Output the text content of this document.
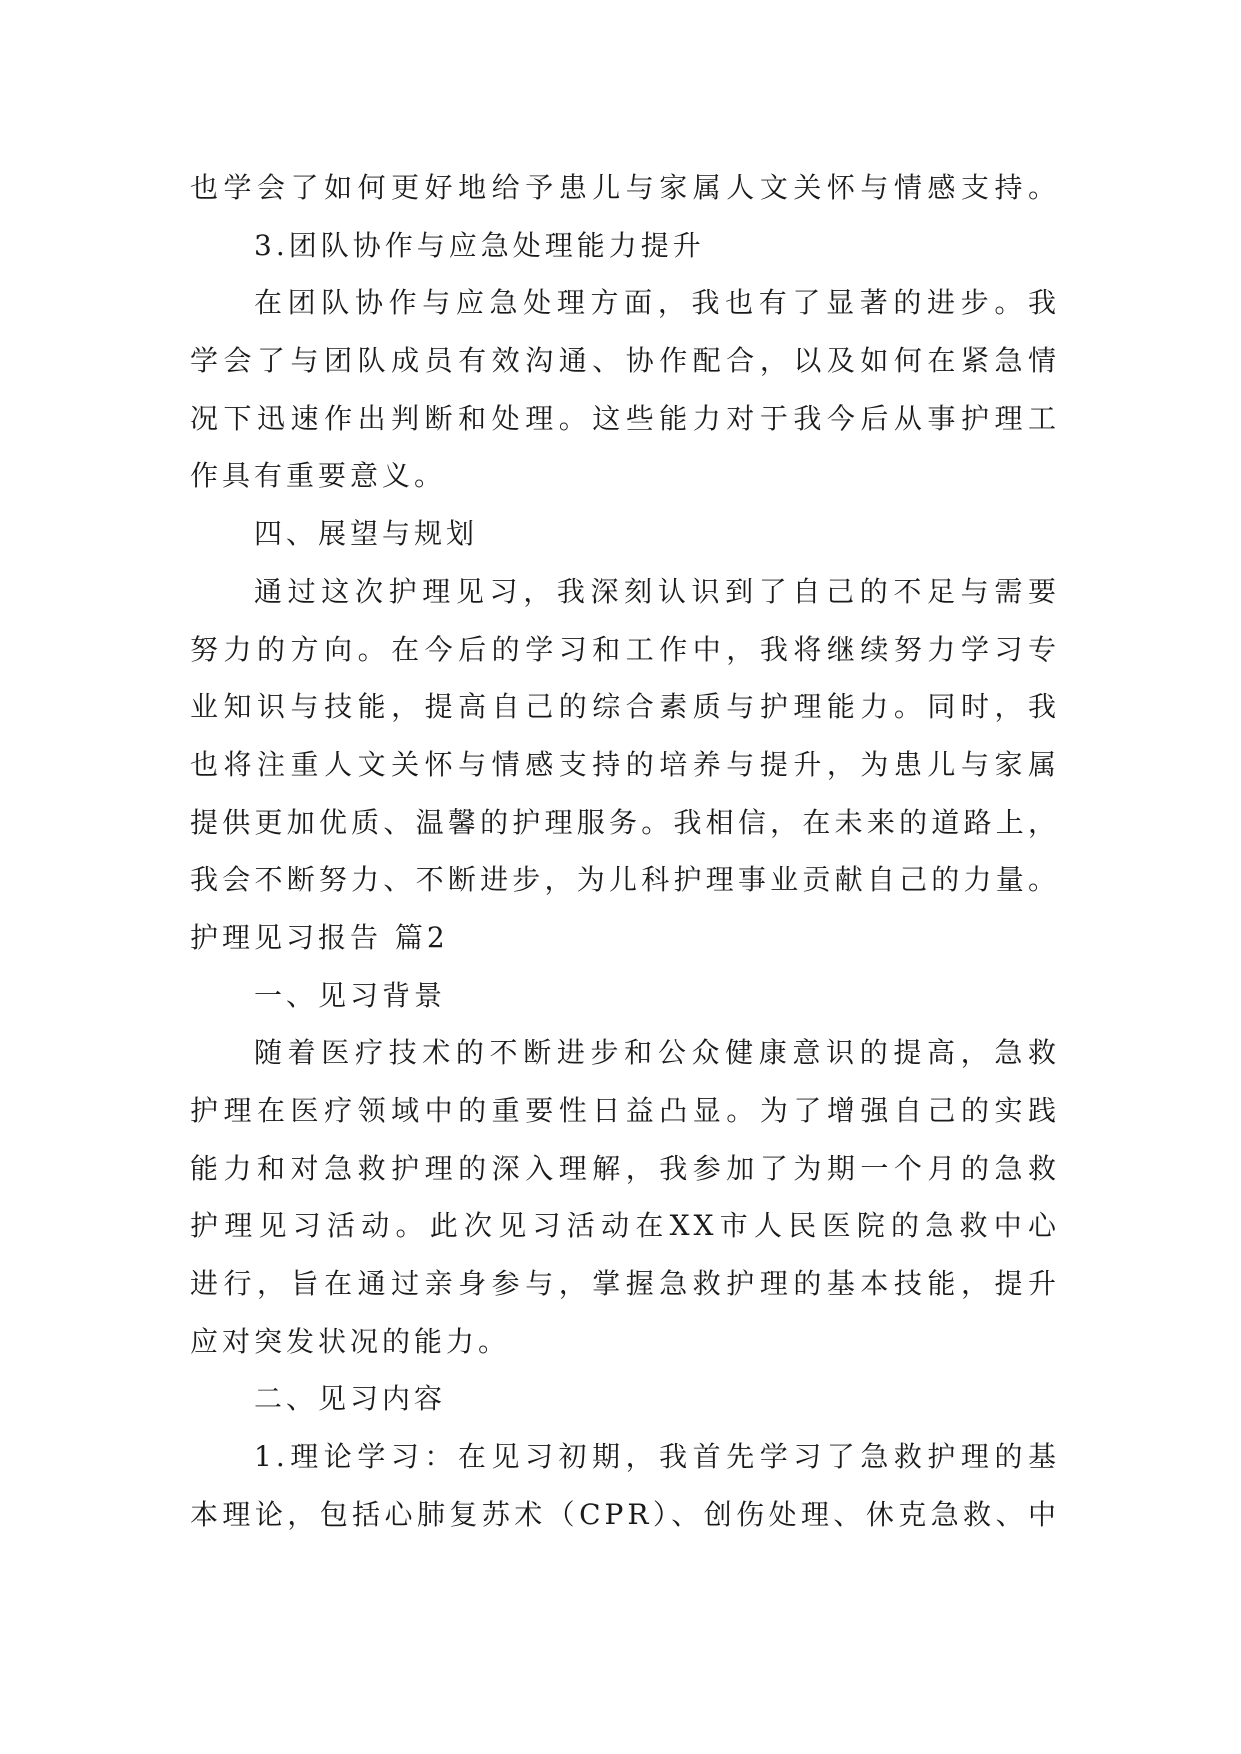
也学会了如何更好地给予患儿与家属人文关怀与情感支持。
3.团队协作与应急处理能力提升
在团队协作与应急处理方面，我也有了显著的进步。我
学会了与团队成员有效沟通、协作配合，以及如何在紧急情
况下迅速作出判断和处理。这些能力对于我今后从事护理工
作具有重要意义。
四、展望与规划
通过这次护理见习，我深刻认识到了自己的不足与需要
努力的方向。在今后的学习和工作中，我将继续努力学习专
业知识与技能，提高自己的综合素质与护理能力。同时，我
也将注重人文关怀与情感支持的培养与提升，为患儿与家属
提供更加优质、温馨的护理服务。我相信，在未来的道路上，
我会不断努力、不断进步，为儿科护理事业贡献自己的力量。
护理见习报告 篇2
一、见习背景
随着医疗技术的不断进步和公众健康意识的提高，急救
护理在医疗领域中的重要性日益凸显。为了增强自己的实践
能力和对急救护理的深入理解，我参加了为期一个月的急救
护理见习活动。此次见习活动在XX市人民医院的急救中心
进行，旨在通过亲身参与，掌握急救护理的基本技能，提升
应对突发状况的能力。
二、见习内容
1.理论学习：在见习初期，我首先学习了急救护理的基
本理论，包括心肺复苏术（CPR）、创伤处理、休克急救、中
